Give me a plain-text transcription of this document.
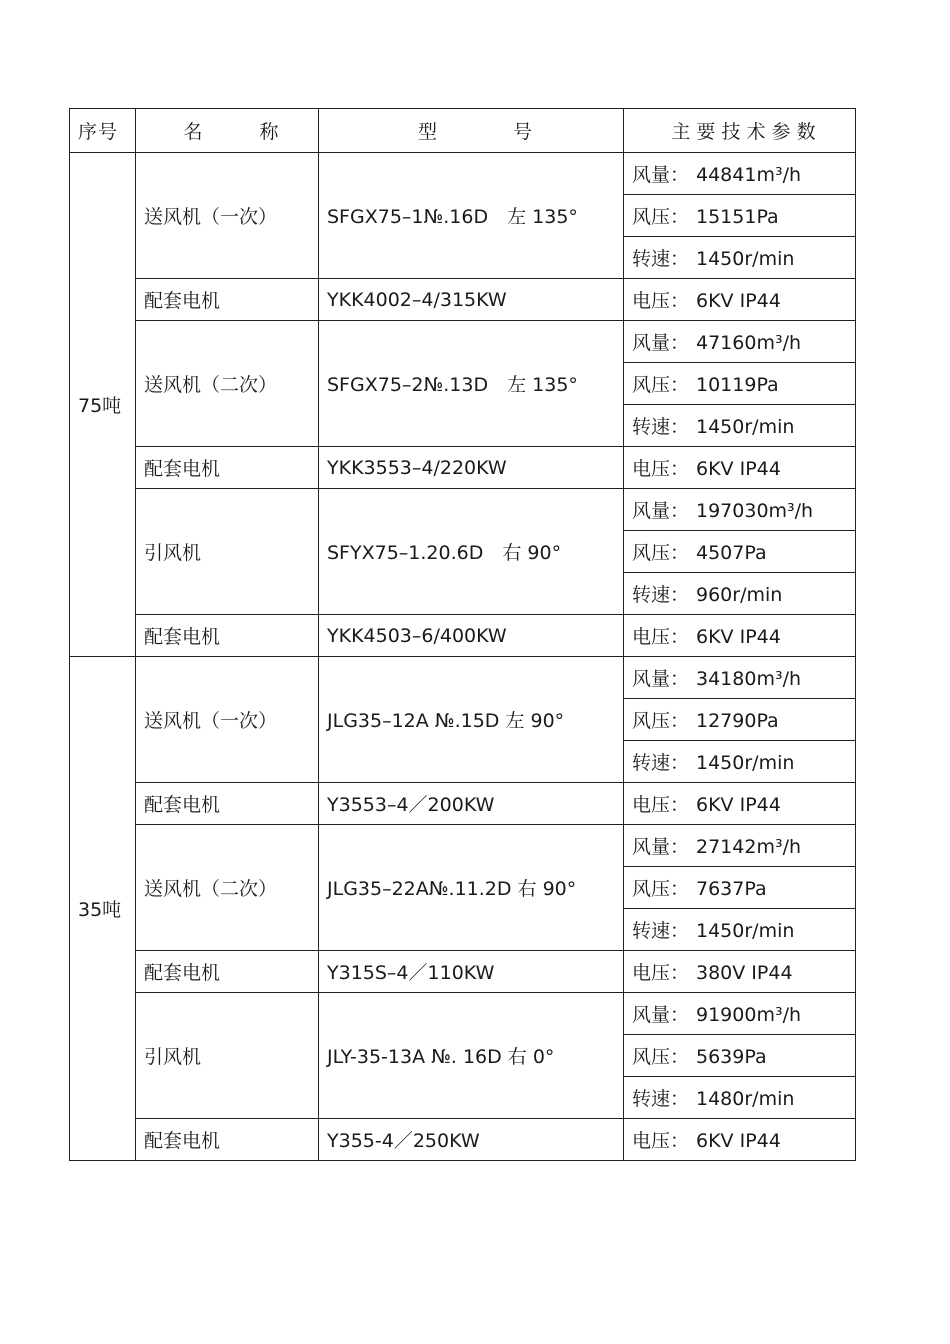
序号	名　　　称	型　　　　号	主 要 技 术 参 数
75吨	送风机（一次）	SFGX75–1№.16D　左 135°	风量： 44841m³/h
			风压： 15151Pa
			转速： 1450r/min
	配套电机	YKK4002–4/315KW	电压： 6KV IP44
	送风机（二次）	SFGX75–2№.13D　左 135°	风量： 47160m³/h
			风压： 10119Pa
			转速： 1450r/min
	配套电机	YKK3553–4/220KW	电压： 6KV IP44
	引风机	SFYX75–1.20.6D　右 90°	风量： 197030m³/h
			风压： 4507Pa
			转速： 960r/min
	配套电机	YKK4503–6/400KW	电压： 6KV IP44
35吨	送风机（一次）	JLG35–12A №.15D 左 90°	风量： 34180m³/h
			风压： 12790Pa
			转速： 1450r/min
	配套电机	Y3553–4／200KW	电压： 6KV IP44
	送风机（二次）	JLG35–22A№.11.2D 右 90°	风量： 27142m³/h
			风压： 7637Pa
			转速： 1450r/min
	配套电机	Y315S–4／110KW	电压： 380V IP44
	引风机	JLY-35-13A №. 16D 右 0°	风量： 91900m³/h
			风压： 5639Pa
			转速： 1480r/min
	配套电机	Y355-4／250KW	电压： 6KV IP44
